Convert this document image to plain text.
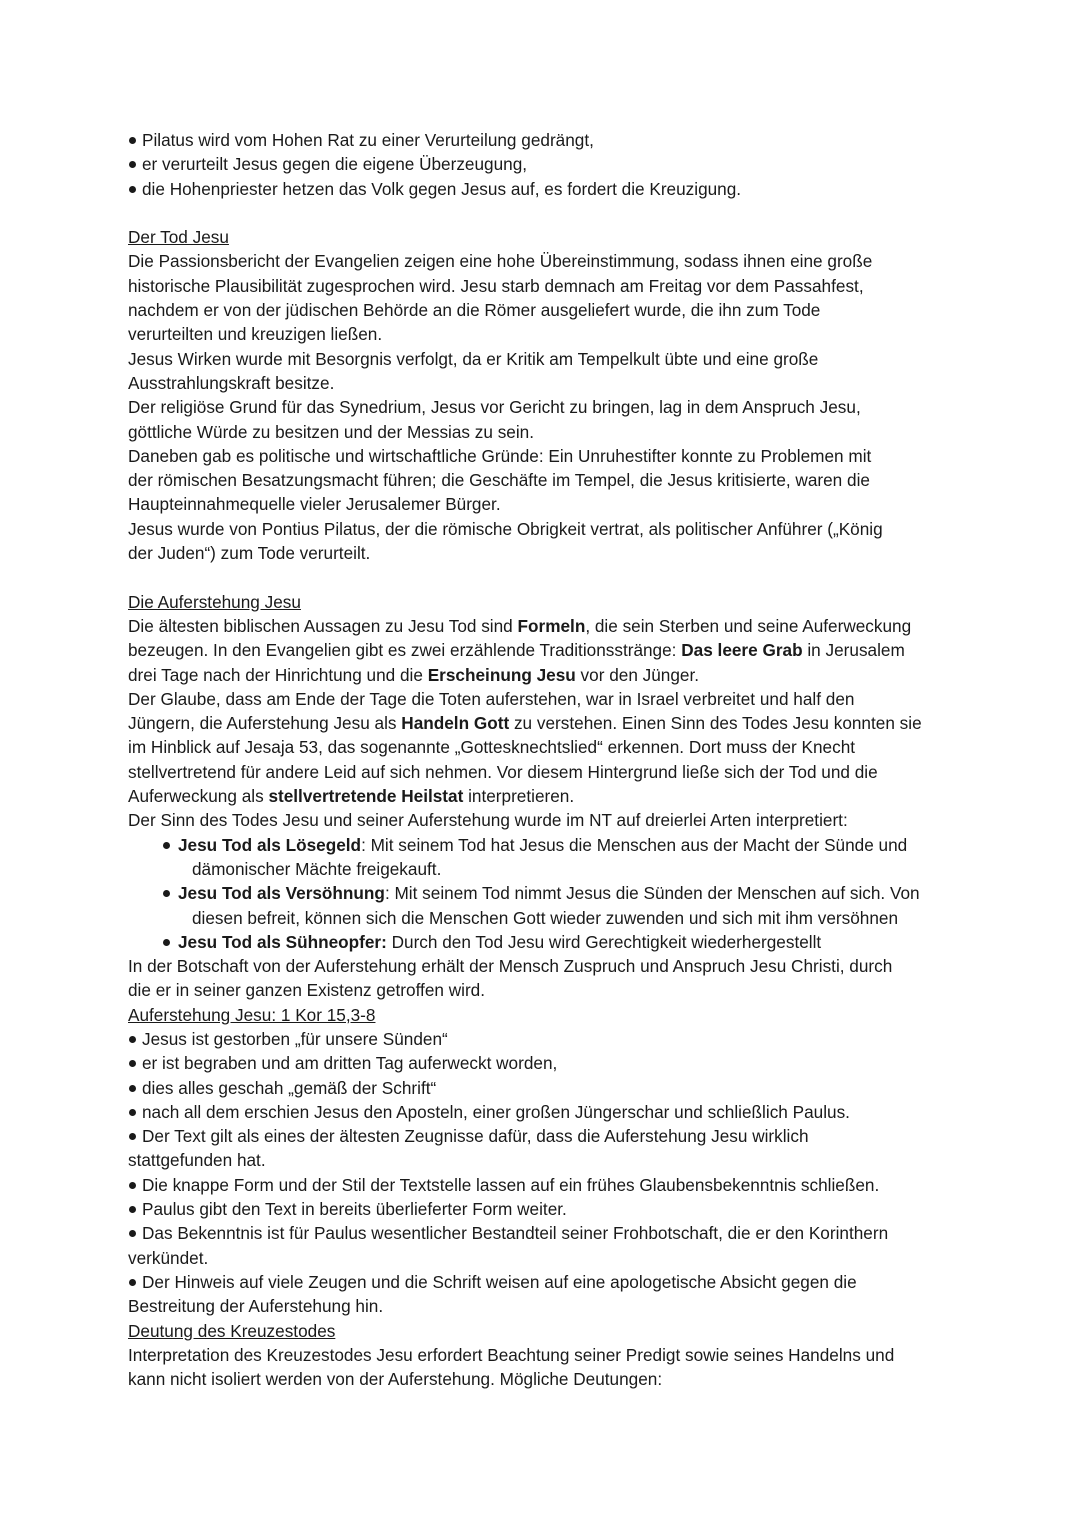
Pilatus wird vom Hohen Rat zu einer Verurteilung gedrängt,

er verurteilt Jesus gegen die eigene Überzeugung,

die Hohenpriester hetzen das Volk gegen Jesus auf, es fordert die Kreuzigung.

Der Tod Jesu

Die Passionsbericht der Evangelien zeigen eine hohe Übereinstimmung, sodass ihnen eine große

historische Plausibilität zugesprochen wird. Jesu starb demnach am Freitag vor dem Passahfest,

nachdem er von der jüdischen Behörde an die Römer ausgeliefert wurde, die ihn zum Tode

verurteilten und kreuzigen ließen.

Jesus Wirken wurde mit Besorgnis verfolgt, da er Kritik am Tempelkult übte und eine große

Ausstrahlungskraft besitze.

Der religiöse Grund für das Synedrium, Jesus vor Gericht zu bringen, lag in dem Anspruch Jesu,

göttliche Würde zu besitzen und der Messias zu sein.

Daneben gab es politische und wirtschaftliche Gründe: Ein Unruhestifter konnte zu Problemen mit

der römischen Besatzungsmacht führen; die Geschäfte im Tempel, die Jesus kritisierte, waren die

Haupteinnahmequelle vieler Jerusalemer Bürger.

Jesus wurde von Pontius Pilatus, der die römische Obrigkeit vertrat, als politischer Anführer („König

der Juden“) zum Tode verurteilt.

Die Auferstehung Jesu

Die ältesten biblischen Aussagen zu Jesu Tod sind Formeln, die sein Sterben und seine Auferweckung

bezeugen. In den Evangelien gibt es zwei erzählende Traditionsstränge: Das leere Grab in Jerusalem

drei Tage nach der Hinrichtung und die Erscheinung Jesu vor den Jünger.

Der Glaube, dass am Ende der Tage die Toten auferstehen, war in Israel verbreitet und half den

Jüngern, die Auferstehung Jesu als Handeln Gott zu verstehen. Einen Sinn des Todes Jesu konnten sie

im Hinblick auf Jesaja 53, das sogenannte „Gottesknechtslied“ erkennen. Dort muss der Knecht

stellvertretend für andere Leid auf sich nehmen. Vor diesem Hintergrund ließe sich der Tod und die

Auferweckung als stellvertretende Heilstat interpretieren.

Der Sinn des Todes Jesu und seiner Auferstehung wurde im NT auf dreierlei Arten interpretiert:

Jesu Tod als Lösegeld: Mit seinem Tod hat Jesus die Menschen aus der Macht der Sünde und
dämonischer Mächte freigekauft.

Jesu Tod als Versöhnung: Mit seinem Tod nimmt Jesus die Sünden der Menschen auf sich. Von
diesen befreit, können sich die Menschen Gott wieder zuwenden und sich mit ihm versöhnen

Jesu Tod als Sühneopfer: Durch den Tod Jesu wird Gerechtigkeit wiederhergestellt

In der Botschaft von der Auferstehung erhält der Mensch Zuspruch und Anspruch Jesu Christi, durch

die er in seiner ganzen Existenz getroffen wird.

Auferstehung Jesu: 1 Kor 15,3-8

Jesus ist gestorben „für unsere Sünden“

er ist begraben und am dritten Tag auferweckt worden,

dies alles geschah „gemäß der Schrift“

nach all dem erschien Jesus den Aposteln, einer großen Jüngerschar und schließlich Paulus.

Der Text gilt als eines der ältesten Zeugnisse dafür, dass die Auferstehung Jesu wirklich

stattgefunden hat.

Die knappe Form und der Stil der Textstelle lassen auf ein frühes Glaubensbekenntnis schließen.

Paulus gibt den Text in bereits überlieferter Form weiter.

Das Bekenntnis ist für Paulus wesentlicher Bestandteil seiner Frohbotschaft, die er den Korinthern

verkündet.

Der Hinweis auf viele Zeugen und die Schrift weisen auf eine apologetische Absicht gegen die

Bestreitung der Auferstehung hin.

Deutung des Kreuzestodes

Interpretation des Kreuzestodes Jesu erfordert Beachtung seiner Predigt sowie seines Handelns und

kann nicht isoliert werden von der Auferstehung. Mögliche Deutungen:
